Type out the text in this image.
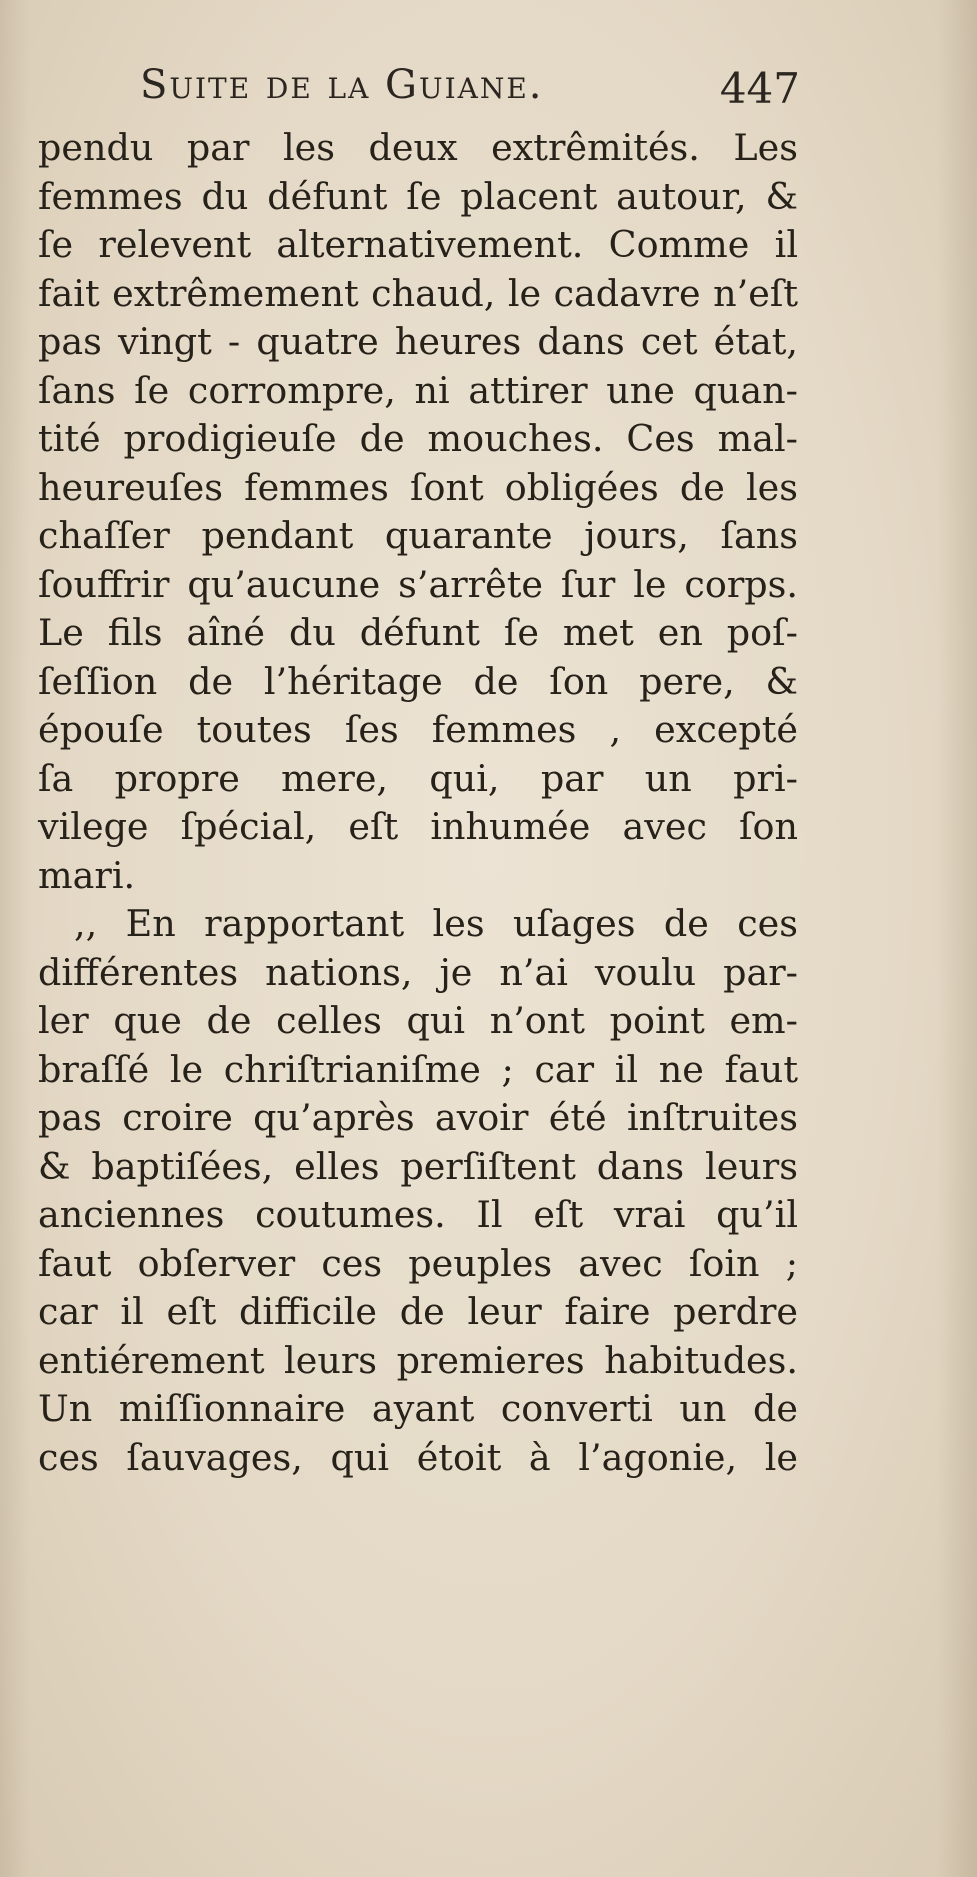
Suite de la Guiane.	447
pendu par les deux extrêmités. Les
femmes du défunt ſe placent autour, &
ſe relevent alternativement. Comme il
fait extrêmement chaud, le cadavre n’eſt
pas vingt - quatre heures dans cet état,
ſans ſe corrompre, ni attirer une quan-
tité prodigieuſe de mouches. Ces mal-
heureuſes femmes ſont obligées de les
chaſſer pendant quarante jours, ſans
ſouffrir qu’aucune s’arrête ſur le corps.
Le fils aîné du défunt ſe met en poſ-
ſeſſion de l’héritage de ſon pere, &
épouſe toutes ſes femmes , excepté
ſa propre mere, qui, par un pri-
vilege ſpécial, eſt inhumée avec ſon
mari.
,, En rapportant les uſages de ces
différentes nations, je n’ai voulu par-
ler que de celles qui n’ont point em-
braſſé le chriſtrianiſme ; car il ne faut
pas croire qu’après avoir été inſtruites
& baptiſées, elles perſiſtent dans leurs
anciennes coutumes. Il eſt vrai qu’il
faut obſerver ces peuples avec ſoin ;
car il eſt difficile de leur faire perdre
entiérement leurs premieres habitudes.
Un miſſionnaire ayant converti un de
ces ſauvages, qui étoit à l’agonie, le
